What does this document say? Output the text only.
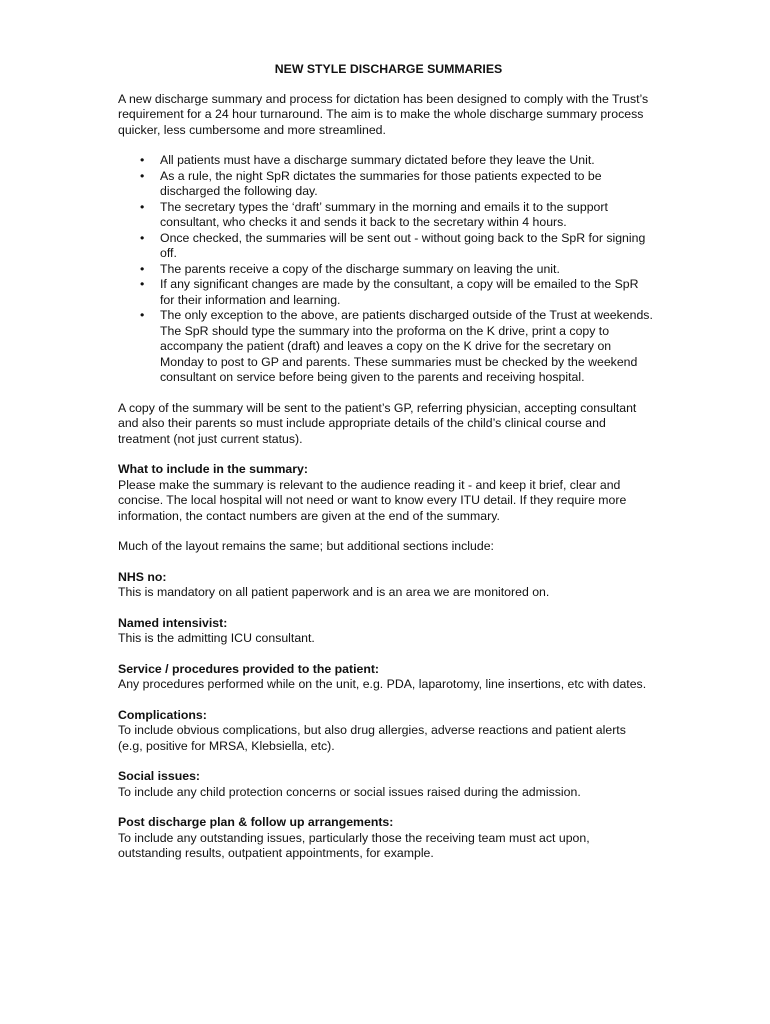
NEW STYLE DISCHARGE SUMMARIES

A new discharge summary and process for dictation has been designed to comply with the Trust’s requirement for a 24 hour turnaround. The aim is to make the whole discharge summary process quicker, less cumbersome and more streamlined.

• All patients must have a discharge summary dictated before they leave the Unit.
• As a rule, the night SpR dictates the summaries for those patients expected to be discharged the following day.
• The secretary types the ‘draft’ summary in the morning and emails it to the support consultant, who checks it and sends it back to the secretary within 4 hours.
• Once checked, the summaries will be sent out - without going back to the SpR for signing off.
• The parents receive a copy of the discharge summary on leaving the unit.
• If any significant changes are made by the consultant, a copy will be emailed to the SpR for their information and learning.
• The only exception to the above, are patients discharged outside of the Trust at weekends. The SpR should type the summary into the proforma on the K drive, print a copy to accompany the patient (draft) and leaves a copy on the K drive for the secretary on Monday to post to GP and parents. These summaries must be checked by the weekend consultant on service before being given to the parents and receiving hospital.

A copy of the summary will be sent to the patient’s GP, referring physician, accepting consultant and also their parents so must include appropriate details of the child’s clinical course and treatment (not just current status).

What to include in the summary:

Please make the summary is relevant to the audience reading it - and keep it brief, clear and concise. The local hospital will not need or want to know every ITU detail. If they require more information, the contact numbers are given at the end of the summary.

Much of the layout remains the same; but additional sections include:

NHS no:

This is mandatory on all patient paperwork and is an area we are monitored on.

Named intensivist:

This is the admitting ICU consultant.

Service / procedures provided to the patient:

Any procedures performed while on the unit, e.g. PDA, laparotomy, line insertions, etc with dates.

Complications:

To include obvious complications, but also drug allergies, adverse reactions and patient alerts (e.g, positive for MRSA, Klebsiella, etc).

Social issues:

To include any child protection concerns or social issues raised during the admission.

Post discharge plan & follow up arrangements:

To include any outstanding issues, particularly those the receiving team must act upon, outstanding results, outpatient appointments, for example.
